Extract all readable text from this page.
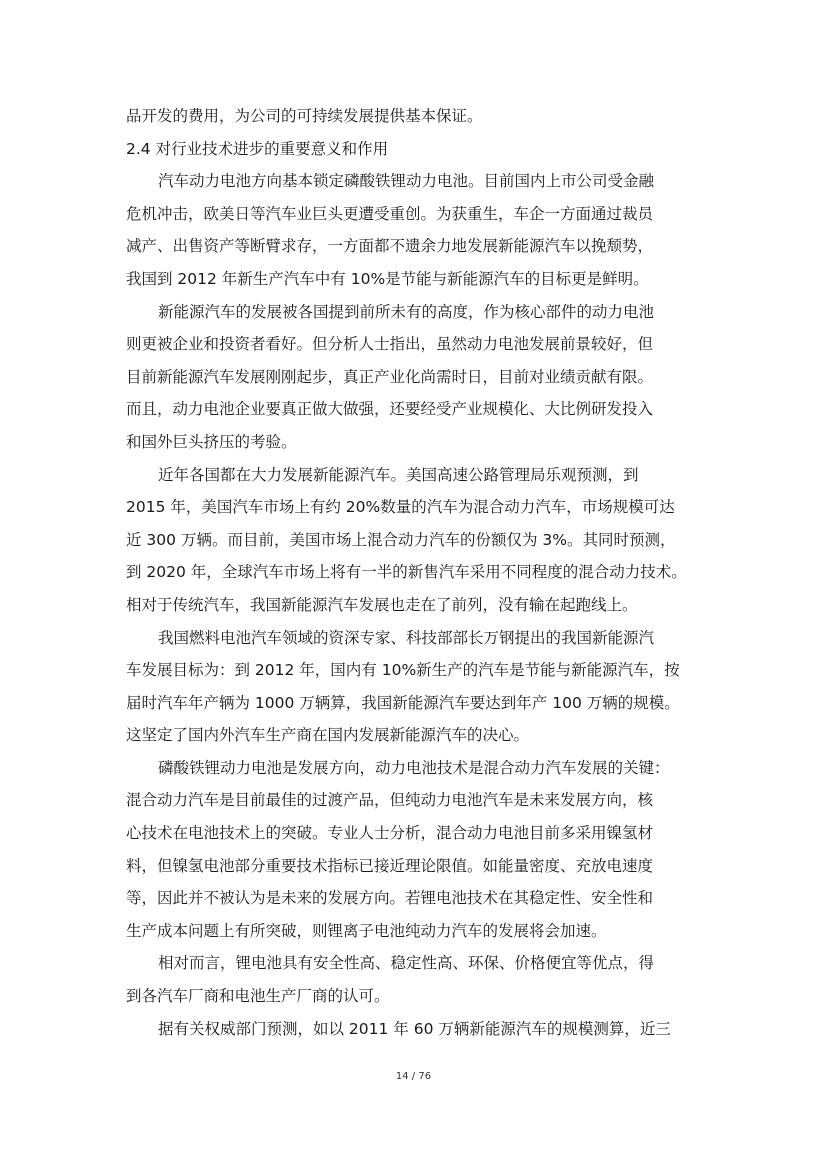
品开发的费用，为公司的可持续发展提供基本保证。
2.4 对行业技术进步的重要意义和作用
汽车动力电池方向基本锁定磷酸铁锂动力电池。目前国内上市公司受金融
危机冲击，欧美日等汽车业巨头更遭受重创。为获重生，车企一方面通过裁员
减产、出售资产等断臂求存，一方面都不遗余力地发展新能源汽车以挽颓势，
我国到 2012 年新生产汽车中有 10%是节能与新能源汽车的目标更是鲜明。
新能源汽车的发展被各国提到前所未有的高度，作为核心部件的动力电池
则更被企业和投资者看好。但分析人士指出，虽然动力电池发展前景较好，但
目前新能源汽车发展刚刚起步，真正产业化尚需时日，目前对业绩贡献有限。
而且，动力电池企业要真正做大做强，还要经受产业规模化、大比例研发投入
和国外巨头挤压的考验。
近年各国都在大力发展新能源汽车。美国高速公路管理局乐观预测，到
2015 年，美国汽车市场上有约 20%数量的汽车为混合动力汽车，市场规模可达
近 300 万辆。而目前，美国市场上混合动力汽车的份额仅为 3%。其同时预测，
到 2020 年，全球汽车市场上将有一半的新售汽车采用不同程度的混合动力技术。
相对于传统汽车，我国新能源汽车发展也走在了前列，没有输在起跑线上。
我国燃料电池汽车领域的资深专家、科技部部长万钢提出的我国新能源汽
车发展目标为：到 2012 年，国内有 10%新生产的汽车是节能与新能源汽车，按
届时汽车年产辆为 1000 万辆算，我国新能源汽车要达到年产 100 万辆的规模。
这坚定了国内外汽车生产商在国内发展新能源汽车的决心。
磷酸铁锂动力电池是发展方向，动力电池技术是混合动力汽车发展的关键：
混合动力汽车是目前最佳的过渡产品，但纯动力电池汽车是未来发展方向，核
心技术在电池技术上的突破。专业人士分析，混合动力电池目前多采用镍氢材
料，但镍氢电池部分重要技术指标已接近理论限值。如能量密度、充放电速度
等，因此并不被认为是未来的发展方向。若锂电池技术在其稳定性、安全性和
生产成本问题上有所突破，则锂离子电池纯动力汽车的发展将会加速。
相对而言，锂电池具有安全性高、稳定性高、环保、价格便宜等优点，得
到各汽车厂商和电池生产厂商的认可。
据有关权威部门预测，如以 2011 年 60 万辆新能源汽车的规模测算，近三
14 / 76
